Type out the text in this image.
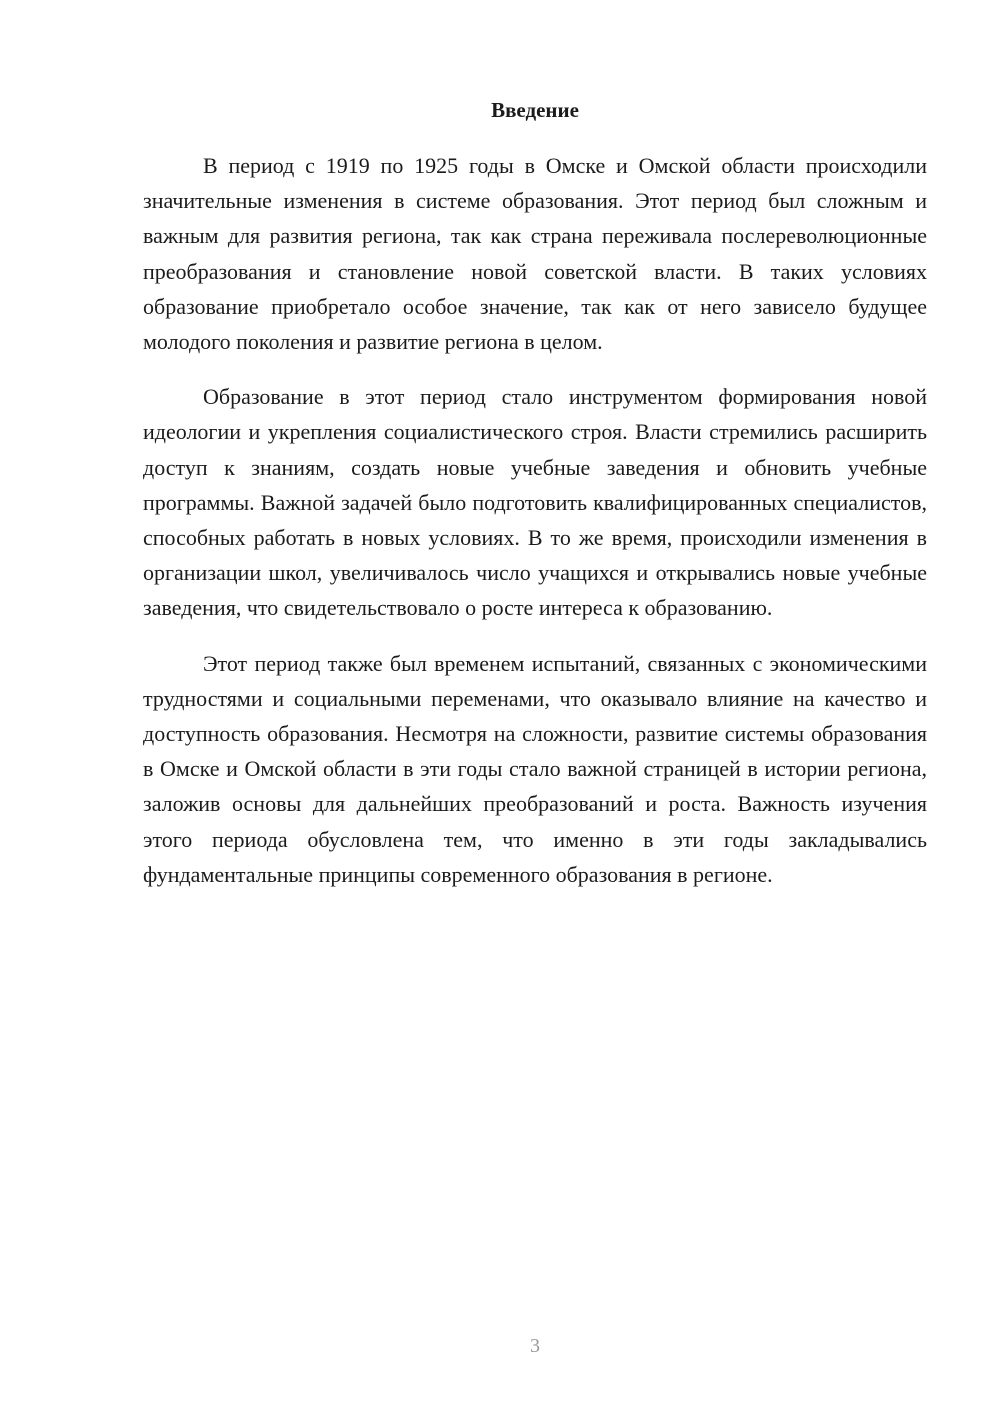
Введение

В период с 1919 по 1925 годы в Омске и Омской области происходили значительные изменения в системе образования. Этот период был сложным и важным для развития региона, так как страна переживала послереволюционные преобразования и становление новой советской власти. В таких условиях образование приобретало особое значение, так как от него зависело будущее молодого поколения и развитие региона в целом.

Образование в этот период стало инструментом формирования новой идеологии и укрепления социалистического строя. Власти стремились расширить доступ к знаниям, создать новые учебные заведения и обновить учебные программы. Важной задачей было подготовить квалифицированных специалистов, способных работать в новых условиях. В то же время, происходили изменения в организации школ, увеличивалось число учащихся и открывались новые учебные заведения, что свидетельствовало о росте интереса к образованию.

Этот период также был временем испытаний, связанных с экономическими трудностями и социальными переменами, что оказывало влияние на качество и доступность образования. Несмотря на сложности, развитие системы образования в Омске и Омской области в эти годы стало важной страницей в истории региона, заложив основы для дальнейших преобразований и роста. Важность изучения этого периода обусловлена тем, что именно в эти годы закладывались фундаментальные принципы современного образования в регионе.

3
